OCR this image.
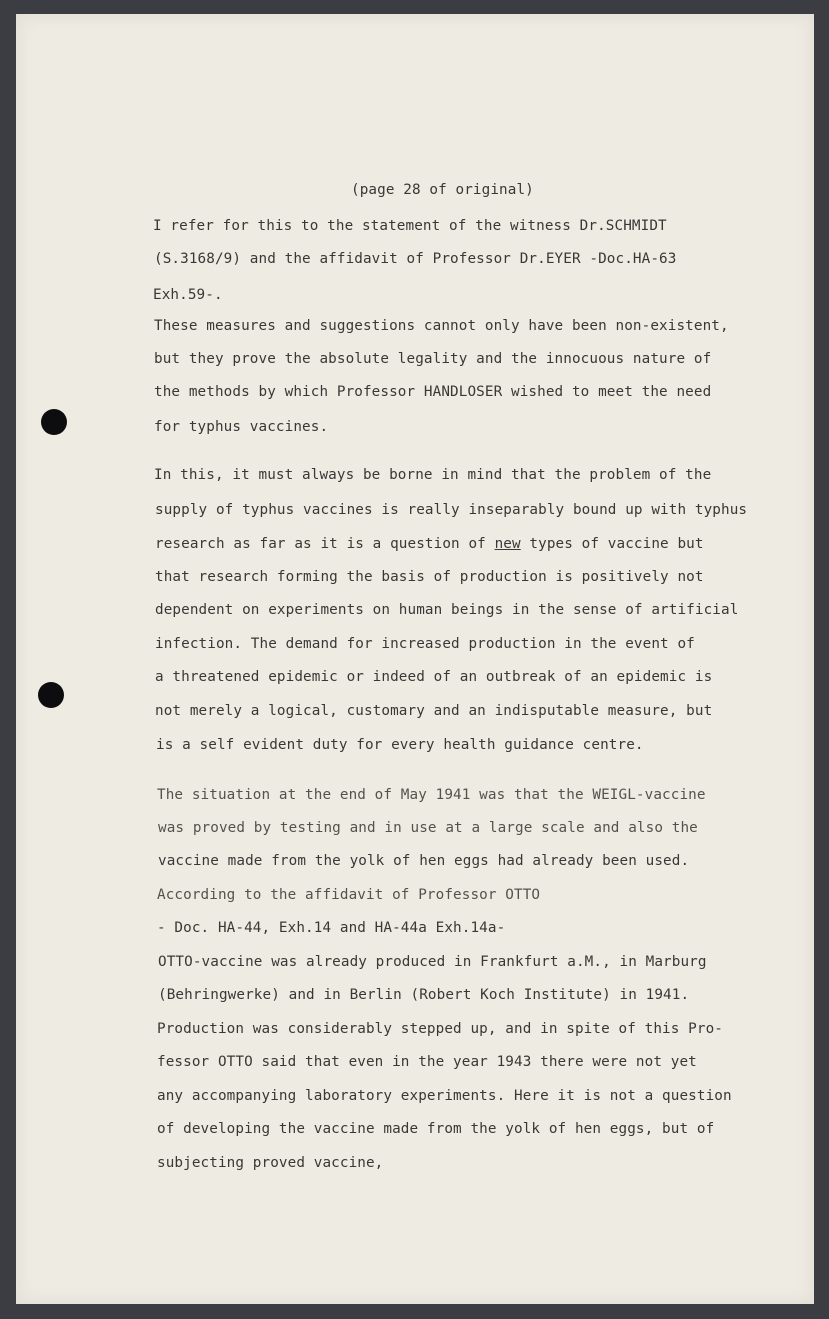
(page 28 of original)
I refer for this to the statement of the witness Dr.SCHMIDT
(S.3168/9) and the affidavit of Professor Dr.EYER -Doc.HA-63
Exh.59-.
These measures and suggestions cannot only have been non-existent,
but they prove the absolute legality and the innocuous nature of
the methods by which Professor HANDLOSER wished to meet the need
for typhus vaccines.
In this, it must always be borne in mind that the problem of the
supply of typhus vaccines is really inseparably bound up with typhus
research as far as it is a question of new types of vaccine but
that research forming the basis of production is positively not
dependent on experiments on human beings in the sense of artificial
infection. The demand for increased production in the event of
a threatened epidemic or indeed of an outbreak of an epidemic is
not merely a logical, customary and an indisputable measure, but
is a self evident duty for every health guidance centre.
The situation at the end of May 1941 was that the WEIGL-vaccine
was proved by testing and in use at a large scale and also the
vaccine made from the yolk of hen eggs had already been used.
According to the affidavit of Professor OTTO
- Doc. HA-44, Exh.14 and HA-44a Exh.14a-
OTTO-vaccine was already produced in Frankfurt a.M., in Marburg
(Behringwerke) and in Berlin (Robert Koch Institute) in 1941.
Production was considerably stepped up, and in spite of this Pro-
fessor OTTO said that even in the year 1943 there were not yet
any accompanying laboratory experiments. Here it is not a question
of developing the vaccine made from the yolk of hen eggs, but of
subjecting proved vaccine,
